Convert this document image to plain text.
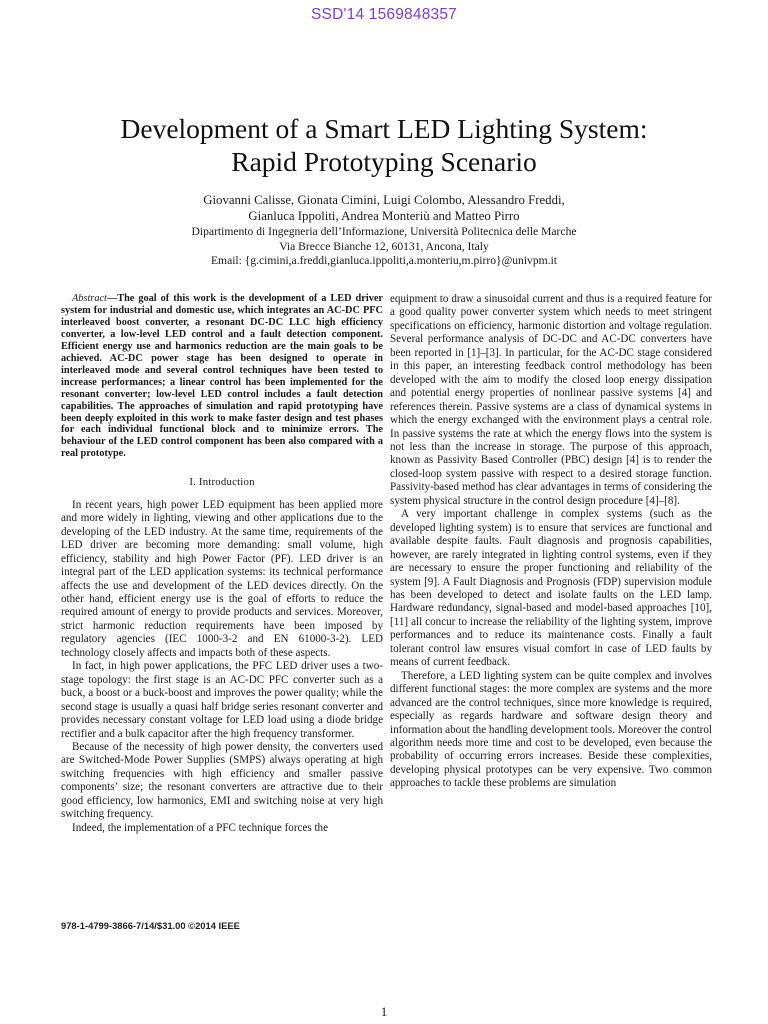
SSD'14 1569848357
Development of a Smart LED Lighting System:
Rapid Prototyping Scenario
Giovanni Calisse, Gionata Cimini, Luigi Colombo, Alessandro Freddi,
Gianluca Ippoliti, Andrea Monteriù and Matteo Pirro
Dipartimento di Ingegneria dell’Informazione, Università Politecnica delle Marche
Via Brecce Bianche 12, 60131, Ancona, Italy
Email: {g.cimini,a.freddi,gianluca.ippoliti,a.monteriu,m.pirro}@univpm.it

Abstract—The goal of this work is the development of a LED driver system for industrial and domestic use, which integrates an AC-DC PFC interleaved boost converter, a resonant DC-DC LLC high efficiency converter, a low-level LED control and a fault detection component. Efficient energy use and harmonics reduction are the main goals to be achieved. AC-DC power stage has been designed to operate in interleaved mode and several control techniques have been tested to increase performances; a linear control has been implemented for the resonant converter; low-level LED control includes a fault detection capabilities. The approaches of simulation and rapid prototyping have been deeply exploited in this work to make faster design and test phases for each individual functional block and to minimize errors. The behaviour of the LED control component has been also compared with a real prototype.

I. Introduction

In recent years, high power LED equipment has been applied more and more widely in lighting, viewing and other applications due to the developing of the LED industry. At the same time, requirements of the LED driver are becoming more demanding: small volume, high efficiency, stability and high Power Factor (PF). LED driver is an integral part of the LED application systems: its technical performance affects the use and development of the LED devices directly. On the other hand, efficient energy use is the goal of efforts to reduce the required amount of energy to provide products and services. Moreover, strict harmonic reduction requirements have been imposed by regulatory agencies (IEC 1000-3-2 and EN 61000-3-2). LED technology closely affects and impacts both of these aspects.

In fact, in high power applications, the PFC LED driver uses a two-stage topology: the first stage is an AC-DC PFC converter such as a buck, a boost or a buck-boost and improves the power quality; while the second stage is usually a quasi half bridge series resonant converter and provides necessary constant voltage for LED load using a diode bridge rectifier and a bulk capacitor after the high frequency transformer.

Because of the necessity of high power density, the converters used are Switched-Mode Power Supplies (SMPS) always operating at high switching frequencies with high efficiency and smaller passive components’ size; the resonant converters are attractive due to their good efficiency, low harmonics, EMI and switching noise at very high switching frequency.

Indeed, the implementation of a PFC technique forces the

equipment to draw a sinusoidal current and thus is a required feature for a good quality power converter system which needs to meet stringent specifications on efficiency, harmonic distortion and voltage regulation. Several performance analysis of DC-DC and AC-DC converters have been reported in [1]–[3]. In particular, for the AC-DC stage considered in this paper, an interesting feedback control methodology has been developed with the aim to modify the closed loop energy dissipation and potential energy properties of nonlinear passive systems [4] and references therein. Passive systems are a class of dynamical systems in which the energy exchanged with the environment plays a central role. In passive systems the rate at which the energy flows into the system is not less than the increase in storage. The purpose of this approach, known as Passivity Based Controller (PBC) design [4] is to render the closed-loop system passive with respect to a desired storage function. Passivity-based method has clear advantages in terms of considering the system physical structure in the control design procedure [4]–[8].

A very important challenge in complex systems (such as the developed lighting system) is to ensure that services are functional and available despite faults. Fault diagnosis and prognosis capabilities, however, are rarely integrated in lighting control systems, even if they are necessary to ensure the proper functioning and reliability of the system [9]. A Fault Diagnosis and Prognosis (FDP) supervision module has been developed to detect and isolate faults on the LED lamp. Hardware redundancy, signal-based and model-based approaches [10], [11] all concur to increase the reliability of the lighting system, improve performances and to reduce its maintenance costs. Finally a fault tolerant control law ensures visual comfort in case of LED faults by means of current feedback.

Therefore, a LED lighting system can be quite complex and involves different functional stages: the more complex are systems and the more advanced are the control techniques, since more knowledge is required, especially as regards hardware and software design theory and information about the handling development tools. Moreover the control algorithm needs more time and cost to be developed, even because the probability of occurring errors increases. Beside these complexities, developing physical prototypes can be very expensive. Two common approaches to tackle these problems are simulation

978-1-4799-3866-7/14/$31.00 ©2014 IEEE
1
